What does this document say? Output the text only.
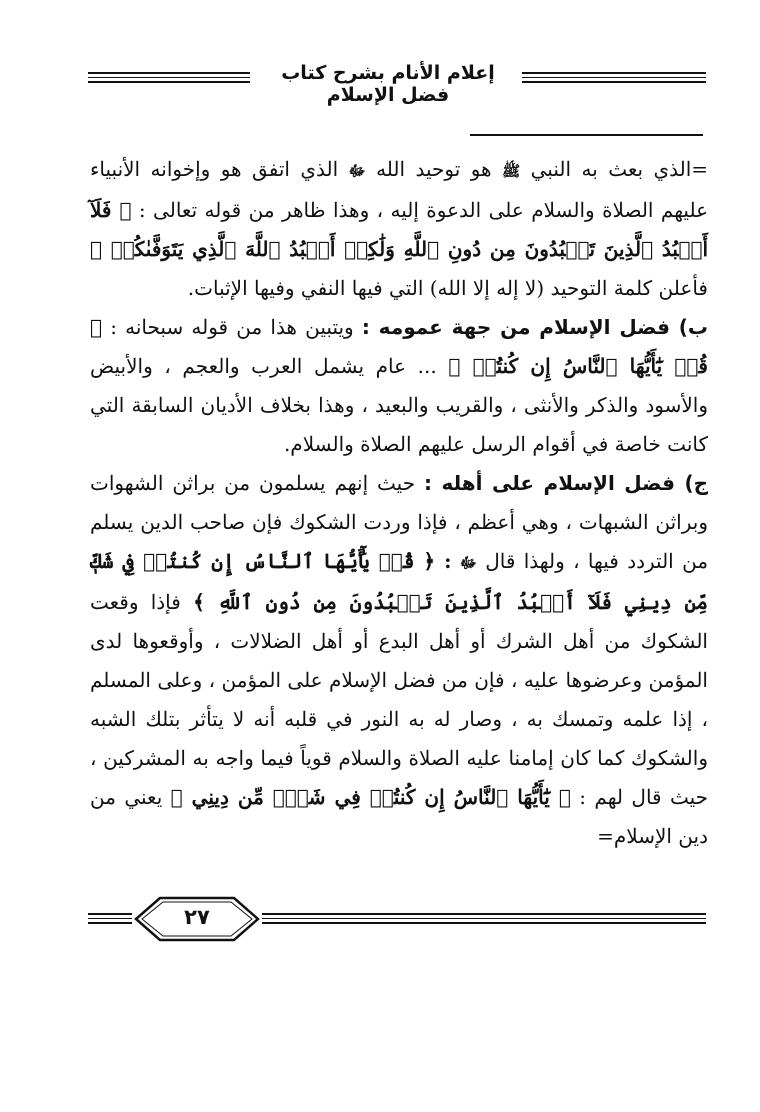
إعلام الأنام بشرح كتاب فضل الإسلام

=الذي بعث به النبي ﷺ هو توحيد الله ﷻ الذي اتفق هو وإخوانه الأنبياء عليهم الصلاة والسلام على الدعوة إليه ، وهذا ظاهر من قوله تعالى : ﴿ فَلَآ أَعۡبُدُ ٱلَّذِينَ تَعۡبُدُونَ مِن دُونِ ٱللَّهِ وَلَٰكِنۡ أَعۡبُدُ ٱللَّهَ ٱلَّذِي يَتَوَفَّىٰكُمۡ ﴾ فأعلن كلمة التوحيد (لا إله إلا الله) التي فيها النفي وفيها الإثبات.

ب) فضل الإسلام من جهة عمومه : ويتبين هذا من قوله سبحانه : ﴿ قُلۡ يَٰٓأَيُّهَا ٱلنَّاسُ إِن كُنتُمۡ ﴾ ... عام يشمل العرب والعجم ، والأبيض والأسود والذكر والأنثى ، والقريب والبعيد ، وهذا بخلاف الأديان السابقة التي كانت خاصة في أقوام الرسل عليهم الصلاة والسلام.

ج) فضل الإسلام على أهله : حيث إنهم يسلمون من براثن الشهوات وبراثن الشبهات ، وهي أعظم ، فإذا وردت الشكوك فإن صاحب الدين يسلم من التردد فيها ، ولهذا قال ﷻ : ﴿ قُلۡ يَٰٓأَيُّهَا ٱلنَّاسُ إِن كُنتُمۡ فِي شَكّٖ مِّن دِينِي فَلَآ أَعۡبُدُ ٱلَّذِينَ تَعۡبُدُونَ مِن دُونِ ٱللَّهِ ﴾ فإذا وقعت الشكوك من أهل الشرك أو أهل البدع أو أهل الضلالات ، وأوقعوها لدى المؤمن وعرضوها عليه ، فإن من فضل الإسلام على المؤمن ، وعلى المسلم ، إذا علمه وتمسك به ، وصار له به النور في قلبه أنه لا يتأثر بتلك الشبه والشكوك كما كان إمامنا عليه الصلاة والسلام قوياً فيما واجه به المشركين ، حيث قال لهم : ﴿ يَٰٓأَيُّهَا ٱلنَّاسُ إِن كُنتُمۡ فِي شَكّٖ مِّن دِينِي ﴾ يعني من دين الإسلام=

٢٧
